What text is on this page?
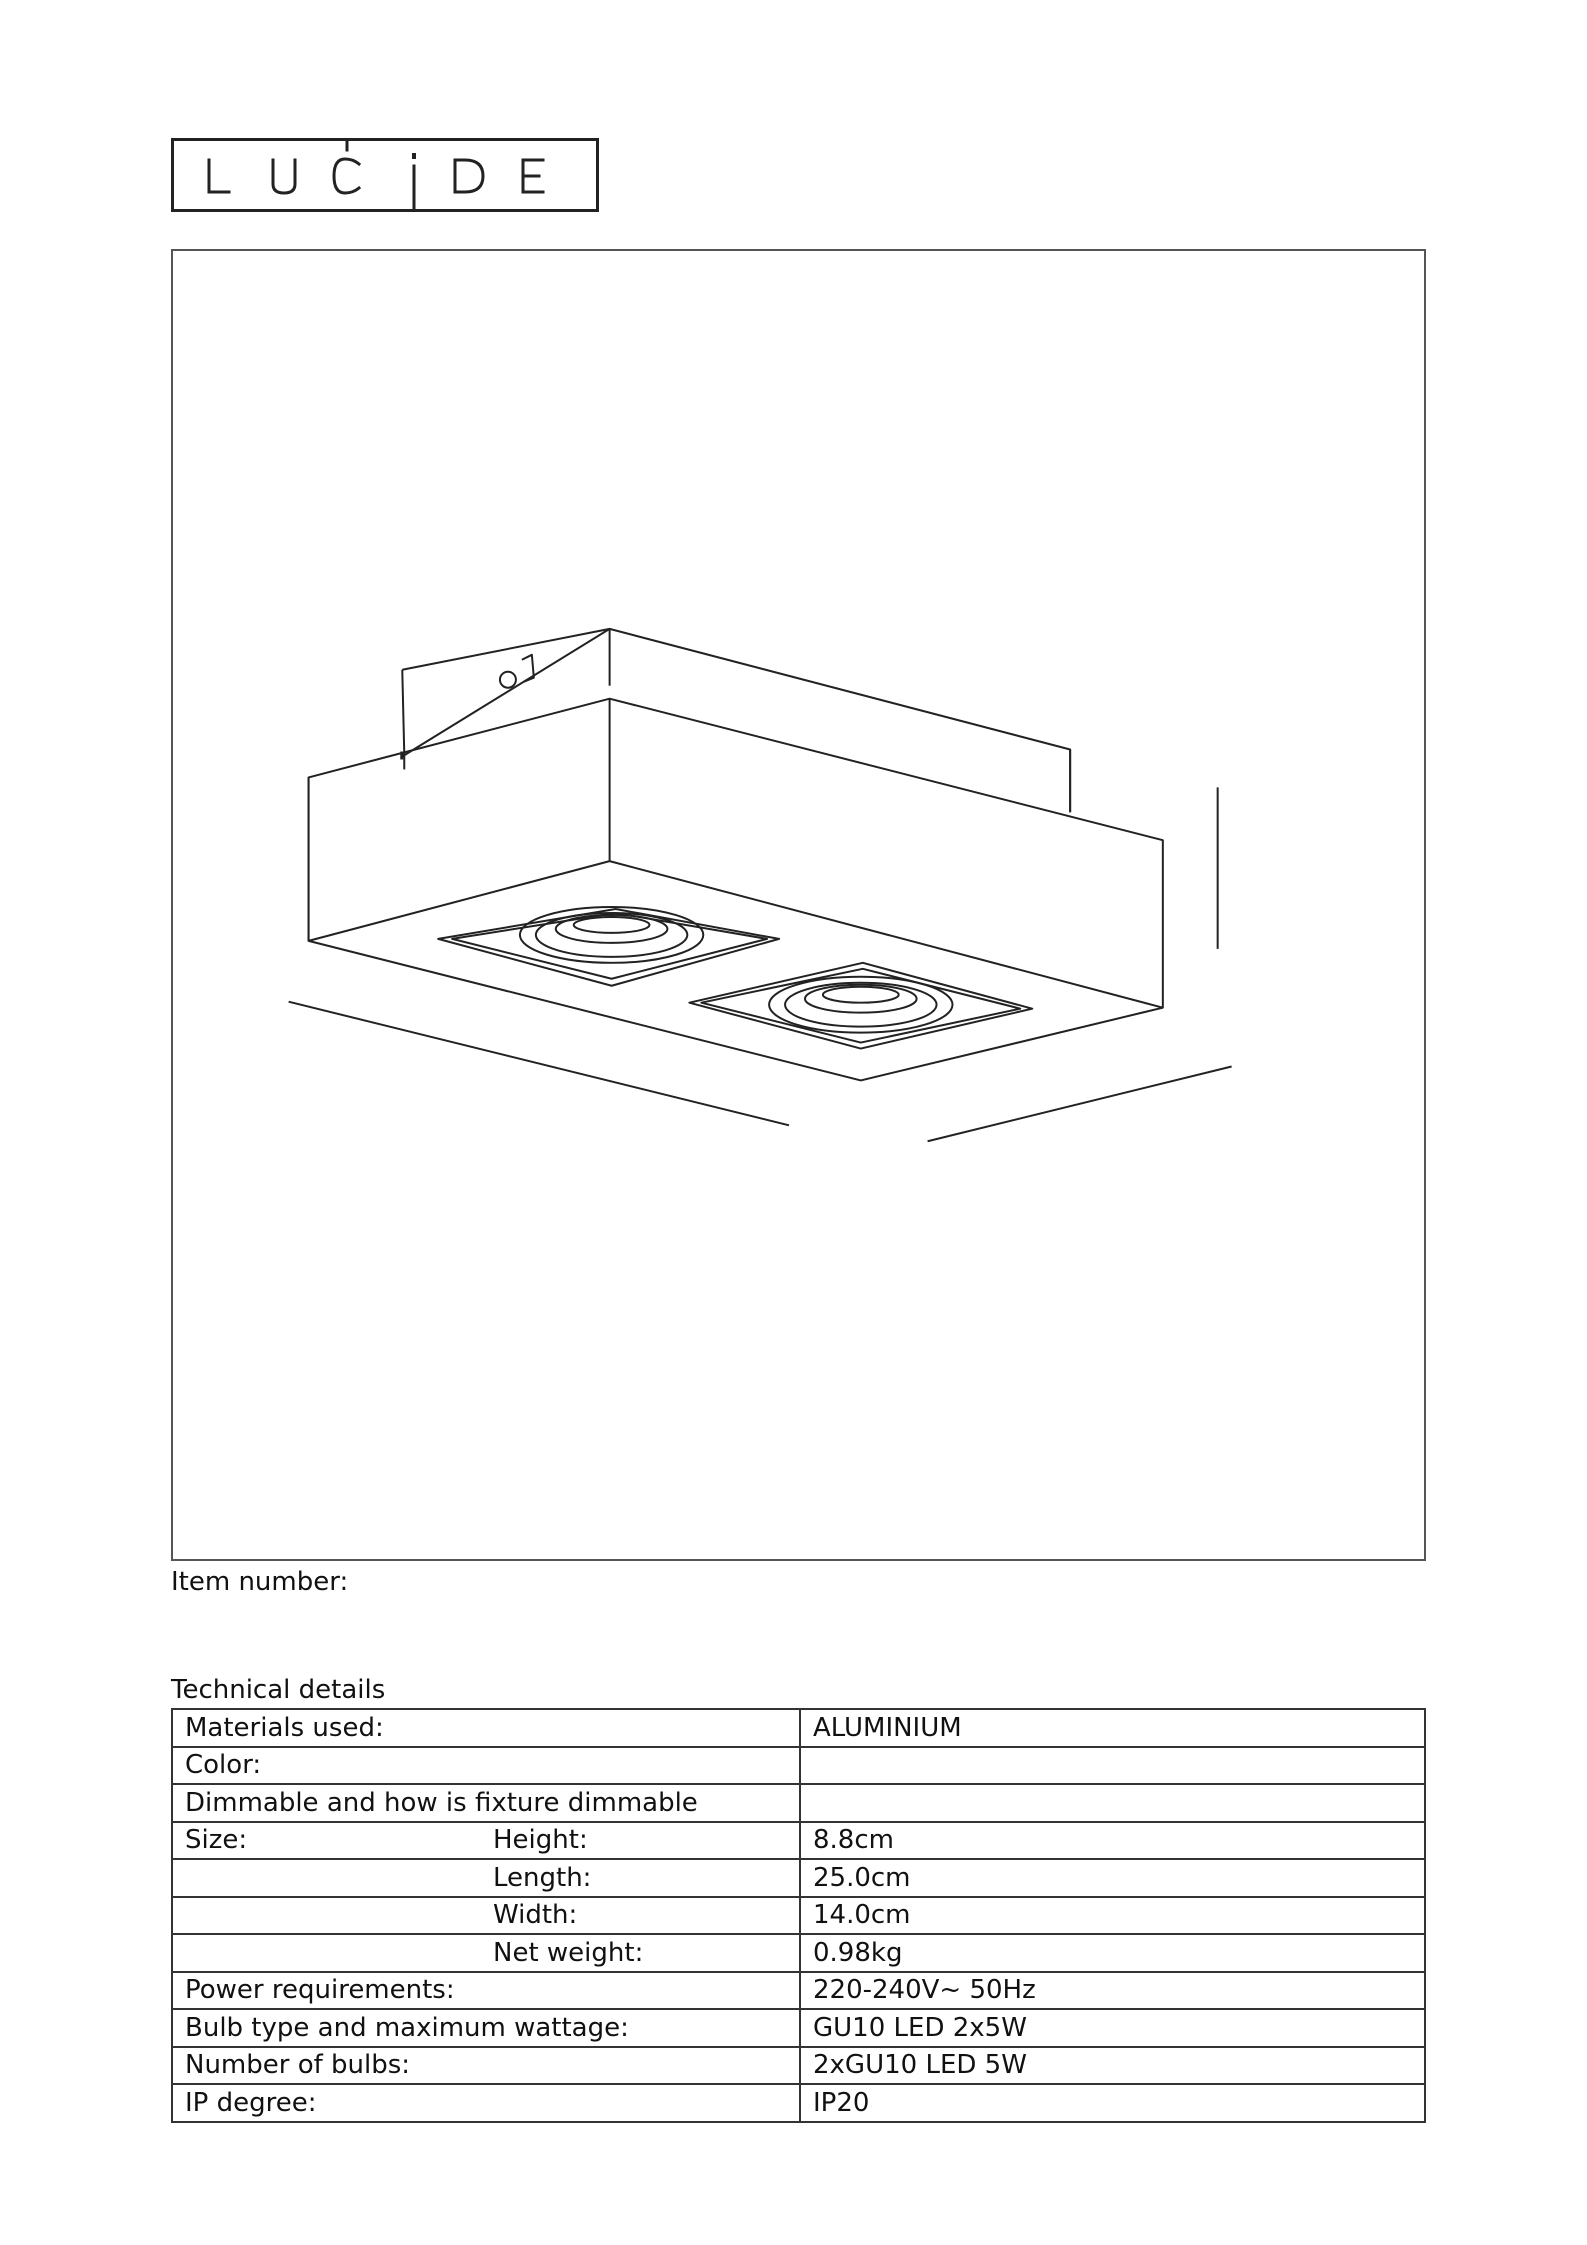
Item number:
Technical details
Materials used:	ALUMINIUM
Color:

Dimmable and how is fixture dimmable

Size: Height:	8.8cm

Length:	25.0cm

Width:	14.0cm

Net weight:	0.98kg
Power requirements:	220-240V~ 50Hz
Bulb type and maximum wattage:	GU10 LED 2x5W
Number of bulbs:	2xGU10 LED 5W
IP degree:	IP20
